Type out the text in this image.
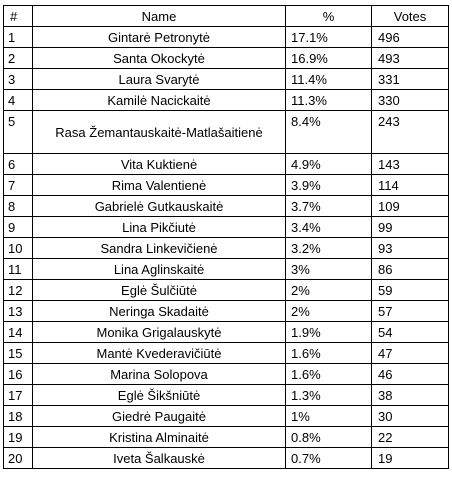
#	Name	%	Votes
1	Gintarė Petronytė	17.1%	496
2	Santa Okockytė	16.9%	493
3	Laura Svarytė	11.4%	331
4	Kamilė Nacickaitė	11.3%	330
5	Rasa Žemantauskaitė-Matlašaitienė	8.4%	243
6	Vita Kuktienė	4.9%	143
7	Rima Valentienė	3.9%	114
8	Gabrielė Gutkauskaitė	3.7%	109
9	Lina Pikčiutė	3.4%	99
10	Sandra Linkevičienė	3.2%	93
11	Lina Aglinskaitė	3%	86
12	Eglė Šulčiūtė	2%	59
13	Neringa Skadaitė	2%	57
14	Monika Grigalauskytė	1.9%	54
15	Mantė Kvederavičiūtė	1.6%	47
16	Marina Solopova	1.6%	46
17	Eglė Šikšniūtė	1.3%	38
18	Giedrė Paugaitė	1%	30
19	Kristina Alminaitė	0.8%	22
20	Iveta Šalkauskė	0.7%	19
